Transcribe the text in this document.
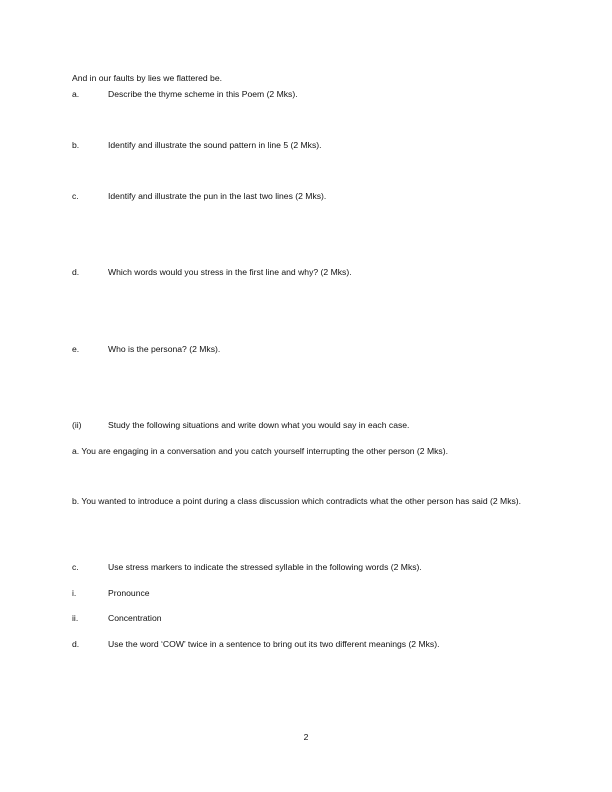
And in our faults by lies we flattered be.
a.	Describe the thyme scheme in this Poem (2 Mks).
b.	Identify and illustrate the sound pattern in line 5 (2 Mks).
c.	Identify and illustrate the pun in the last two lines (2 Mks).
d.	Which words would you stress in the first line and why? (2 Mks).
e.	Who is the persona? (2 Mks).
(ii)	Study the following situations and write down what you would say in each case.
a. You are engaging in a conversation and you catch yourself interrupting the other person (2 Mks).
b. You wanted to introduce a point during a class discussion which contradicts what the other person has said (2 Mks).
c.	Use stress markers to indicate the stressed syllable in the following words (2 Mks).
i.	Pronounce
ii.	Concentration
d.	Use the word ‘COW’ twice in a sentence to bring out its two different meanings (2 Mks).
2
